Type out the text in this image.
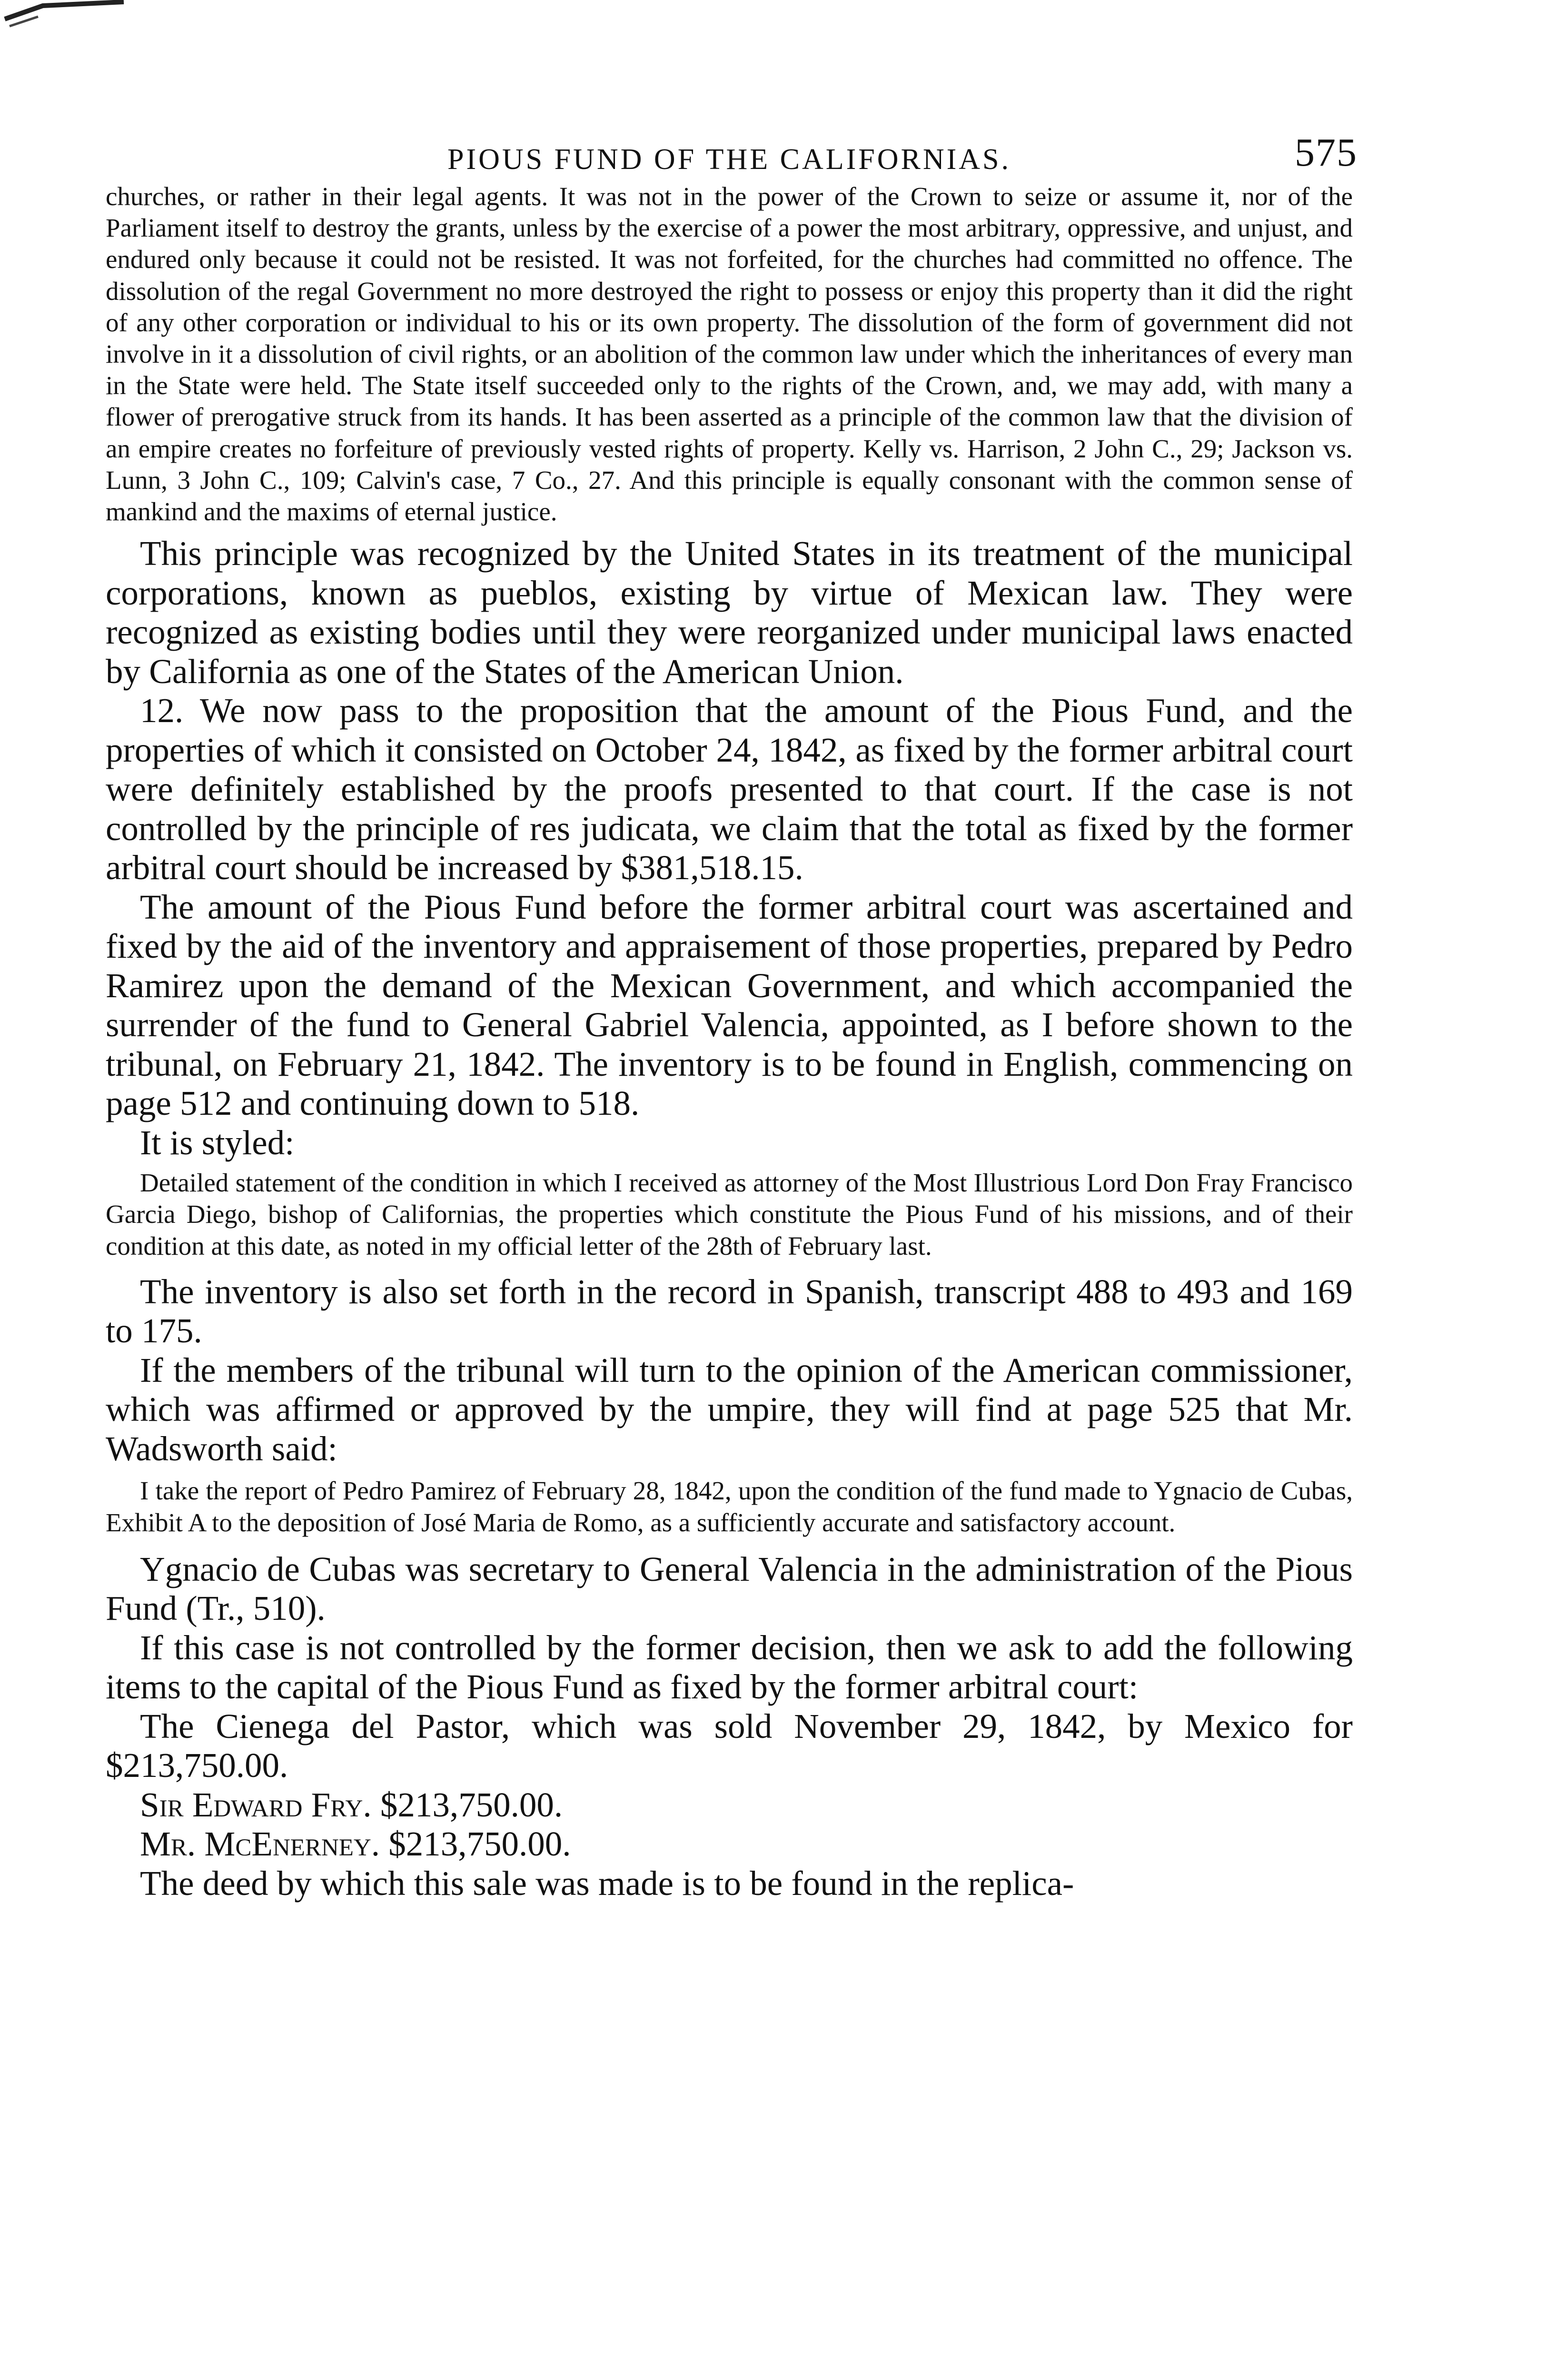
PIOUS FUND OF THE CALIFORNIAS.	575

churches, or rather in their legal agents. It was not in the power of the Crown to seize or assume it, nor of the Parliament itself to destroy the grants, unless by the exercise of a power the most arbitrary, oppressive, and unjust, and endured only because it could not be resisted. It was not forfeited, for the churches had committed no offence. The dissolution of the regal Government no more destroyed the right to possess or enjoy this property than it did the right of any other corporation or individual to his or its own property. The dissolution of the form of government did not involve in it a dissolution of civil rights, or an abolition of the common law under which the inheritances of every man in the State were held. The State itself succeeded only to the rights of the Crown, and, we may add, with many a flower of prerogative struck from its hands. It has been asserted as a principle of the common law that the division of an empire creates no forfeiture of previously vested rights of property. Kelly vs. Harrison, 2 John C., 29; Jackson vs. Lunn, 3 John C., 109; Calvin's case, 7 Co., 27. And this principle is equally consonant with the common sense of mankind and the maxims of eternal justice.

This principle was recognized by the United States in its treatment of the municipal corporations, known as pueblos, existing by virtue of Mexican law. They were recognized as existing bodies until they were reorganized under municipal laws enacted by California as one of the States of the American Union.

12. We now pass to the proposition that the amount of the Pious Fund, and the properties of which it consisted on October 24, 1842, as fixed by the former arbitral court were definitely established by the proofs presented to that court. If the case is not controlled by the principle of res judicata, we claim that the total as fixed by the former arbitral court should be increased by $381,518.15.

The amount of the Pious Fund before the former arbitral court was ascertained and fixed by the aid of the inventory and appraisement of those properties, prepared by Pedro Ramirez upon the demand of the Mexican Government, and which accompanied the surrender of the fund to General Gabriel Valencia, appointed, as I before shown to the tribunal, on February 21, 1842. The inventory is to be found in English, commencing on page 512 and continuing down to 518.

It is styled:

Detailed statement of the condition in which I received as attorney of the Most Illustrious Lord Don Fray Francisco Garcia Diego, bishop of Californias, the properties which constitute the Pious Fund of his missions, and of their condition at this date, as noted in my official letter of the 28th of February last.

The inventory is also set forth in the record in Spanish, transcript 488 to 493 and 169 to 175.

If the members of the tribunal will turn to the opinion of the American commissioner, which was affirmed or approved by the umpire, they will find at page 525 that Mr. Wadsworth said:

I take the report of Pedro Pamirez of February 28, 1842, upon the condition of the fund made to Ygnacio de Cubas, Exhibit A to the deposition of José Maria de Romo, as a sufficiently accurate and satisfactory account.

Ygnacio de Cubas was secretary to General Valencia in the administration of the Pious Fund (Tr., 510).

If this case is not controlled by the former decision, then we ask to add the following items to the capital of the Pious Fund as fixed by the former arbitral court:

The Cienega del Pastor, which was sold November 29, 1842, by Mexico for $213,750.00.

Sir Edward Fry. $213,750.00.

Mr. McEnerney. $213,750.00.

The deed by which this sale was made is to be found in the replica-
